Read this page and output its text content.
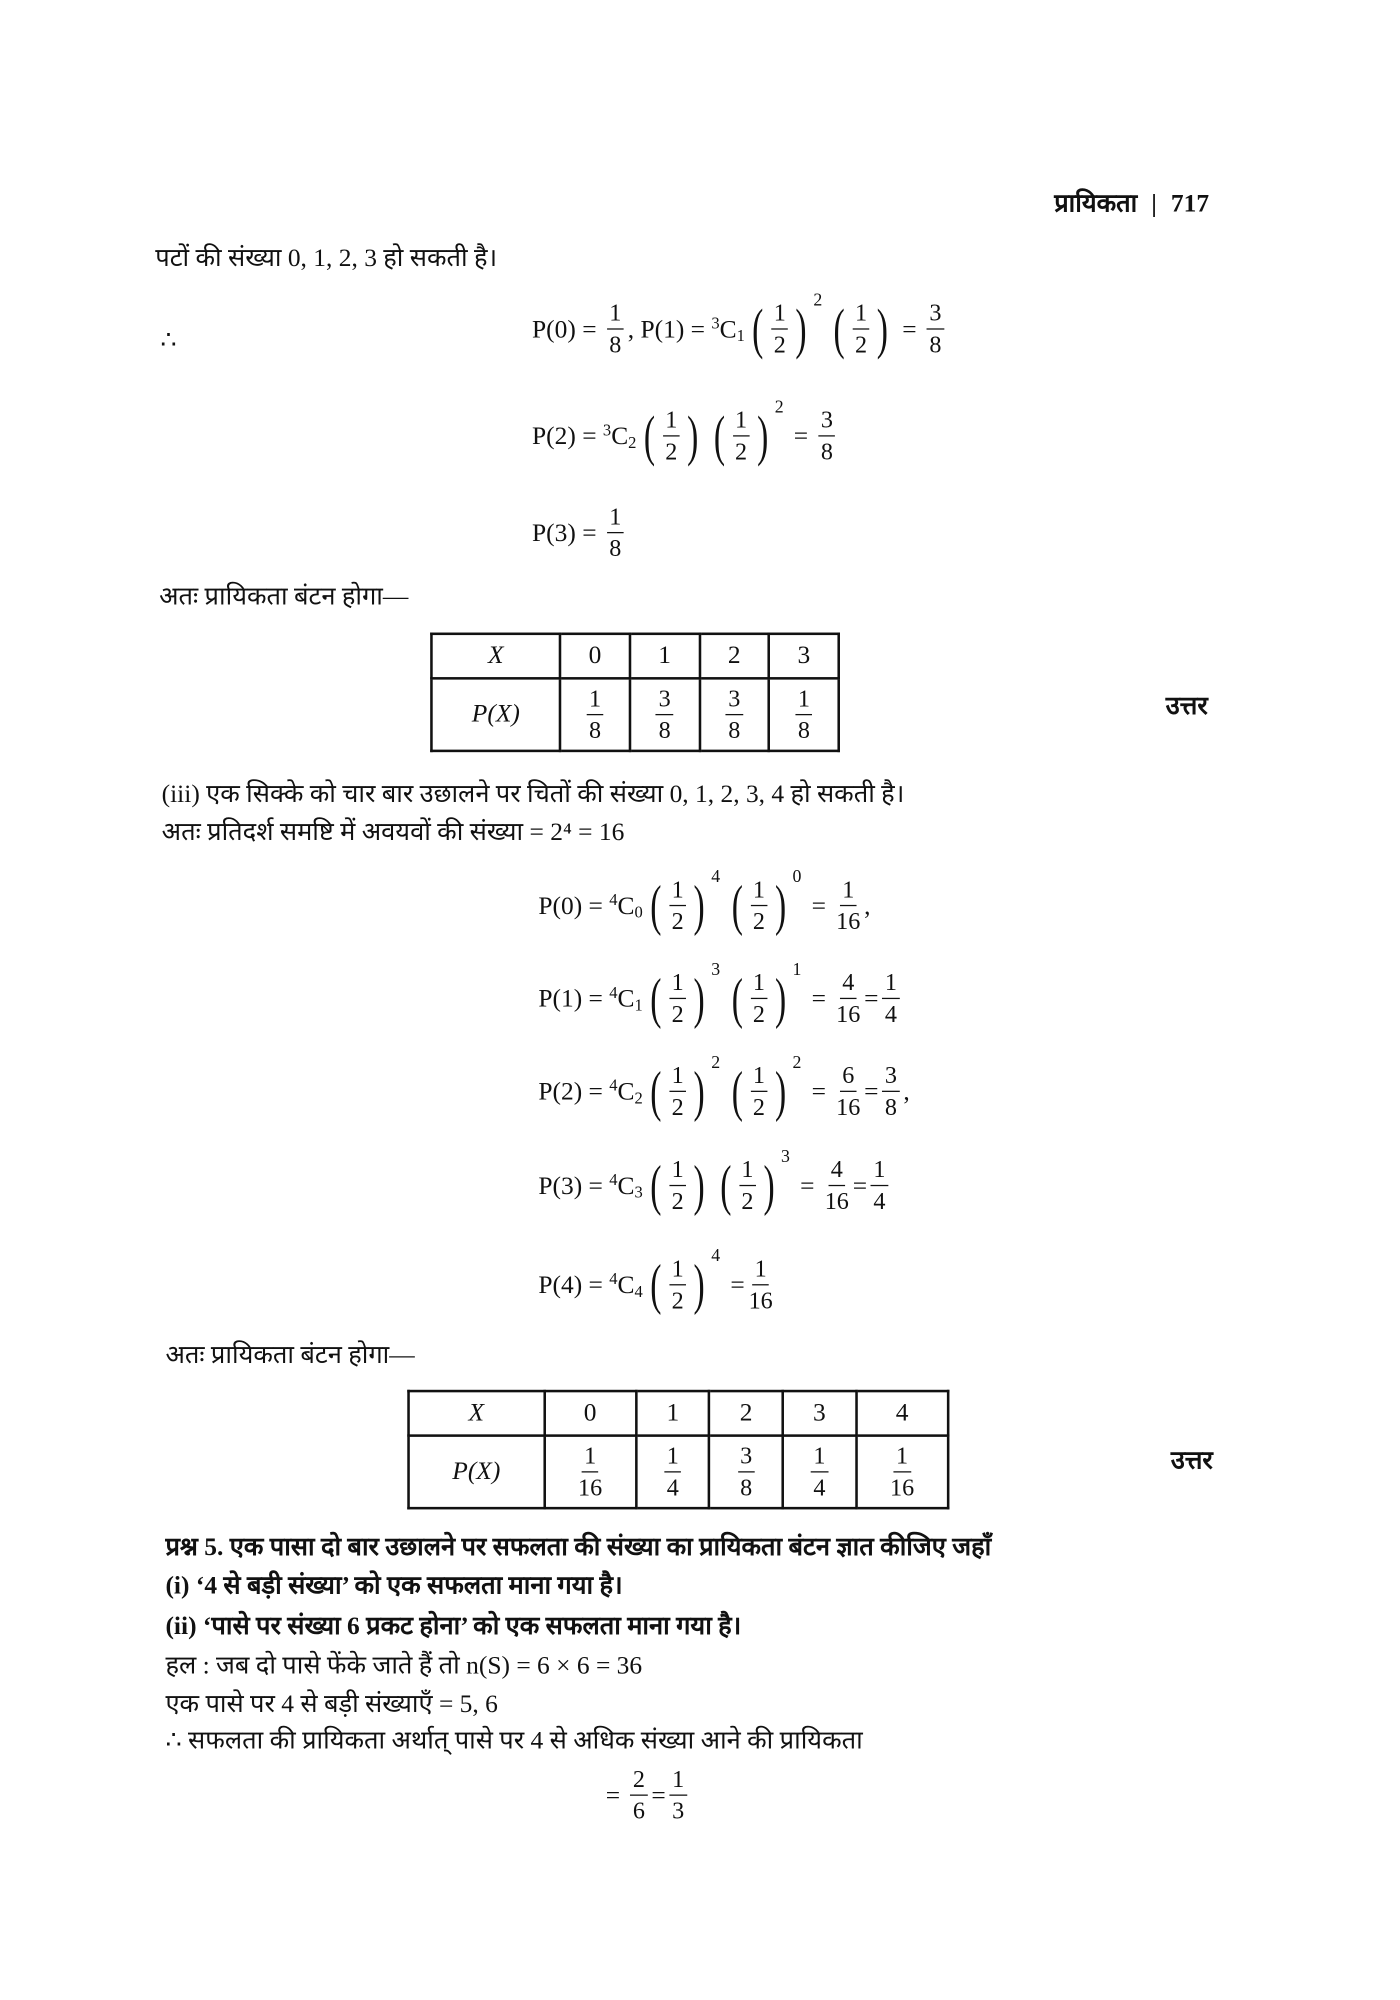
प्रायिकता | 717
पटों की संख्या 0, 1, 2, 3 हो सकती है।
∴	$P(0) = \frac{1}{8}$ , P(1) = 3 C 1 ( $\frac{1}{2}$ ) 2 ( $\frac{1}{2}$ ) = $\frac{3}{8}$
P(2) = 3 C 2 ( $\frac{1}{2}$ ) ( $\frac{1}{2}$ ) 2
= $\frac{3}{8}$
$P(3) = \frac{1}{8}$
अतः प्रायिकता बंटन होगा—
X	0	1	2	3
P(X)	$\frac{1}{8}$	$\frac{3}{8}$	$\frac{3}{8}$	$\frac{1}{8}$	उत्तर
(iii) एक सिक्के को चार बार उछालने पर चितों की संख्या 0, 1, 2, 3, 4 हो सकती है।
अतः प्रतिदर्श समष्टि में अवयवों की संख्या = 2⁴ = 16
P(0) = 4 C 0 ( $\frac{1}{2}$ ) 4 ( $\frac{1}{2}$ ) 0
= $\frac{1}{16}$ ,
P(1) = 4 C 1 ( $\frac{1}{2}$ ) 3 ( $\frac{1}{2}$ ) 1
= $\frac{4}{16} = \frac{1}{4}$
P(2) = 4 C 2 ( $\frac{1}{2}$ ) 2 ( $\frac{1}{2}$ ) 2
= $\frac{6}{16} = \frac{3}{8}$ ,
P(3) = 4 C 3 ( $\frac{1}{2}$ ) ( $\frac{1}{2}$ ) 3
= $\frac{4}{16} = \frac{1}{4}$
P(4) = 4 C 4 ( $\frac{1}{2}$ ) 4
= $\frac{1}{16}$
अतः प्रायिकता बंटन होगा—
X	0	1	2	3	4
P(X)	$\frac{1}{16}$	$\frac{1}{4}$	$\frac{3}{8}$	$\frac{1}{4}$	$\frac{1}{16}$	उत्तर
प्रश्न 5. एक पासा दो बार उछालने पर सफलता की संख्या का प्रायिकता बंटन ज्ञात कीजिए जहाँ
(i) ‘4 से बड़ी संख्या’ को एक सफलता माना गया है।
(ii) ‘पासे पर संख्या 6 प्रकट होना’ को एक सफलता माना गया है।
हल : जब दो पासे फेंके जाते हैं तो n(S) = 6 × 6 = 36
एक पासे पर 4 से बड़ी संख्याएँ = 5, 6
∴ सफलता की प्रायिकता अर्थात् पासे पर 4 से अधिक संख्या आने की प्रायिकता
= $\frac{2}{6} = \frac{1}{3}$
